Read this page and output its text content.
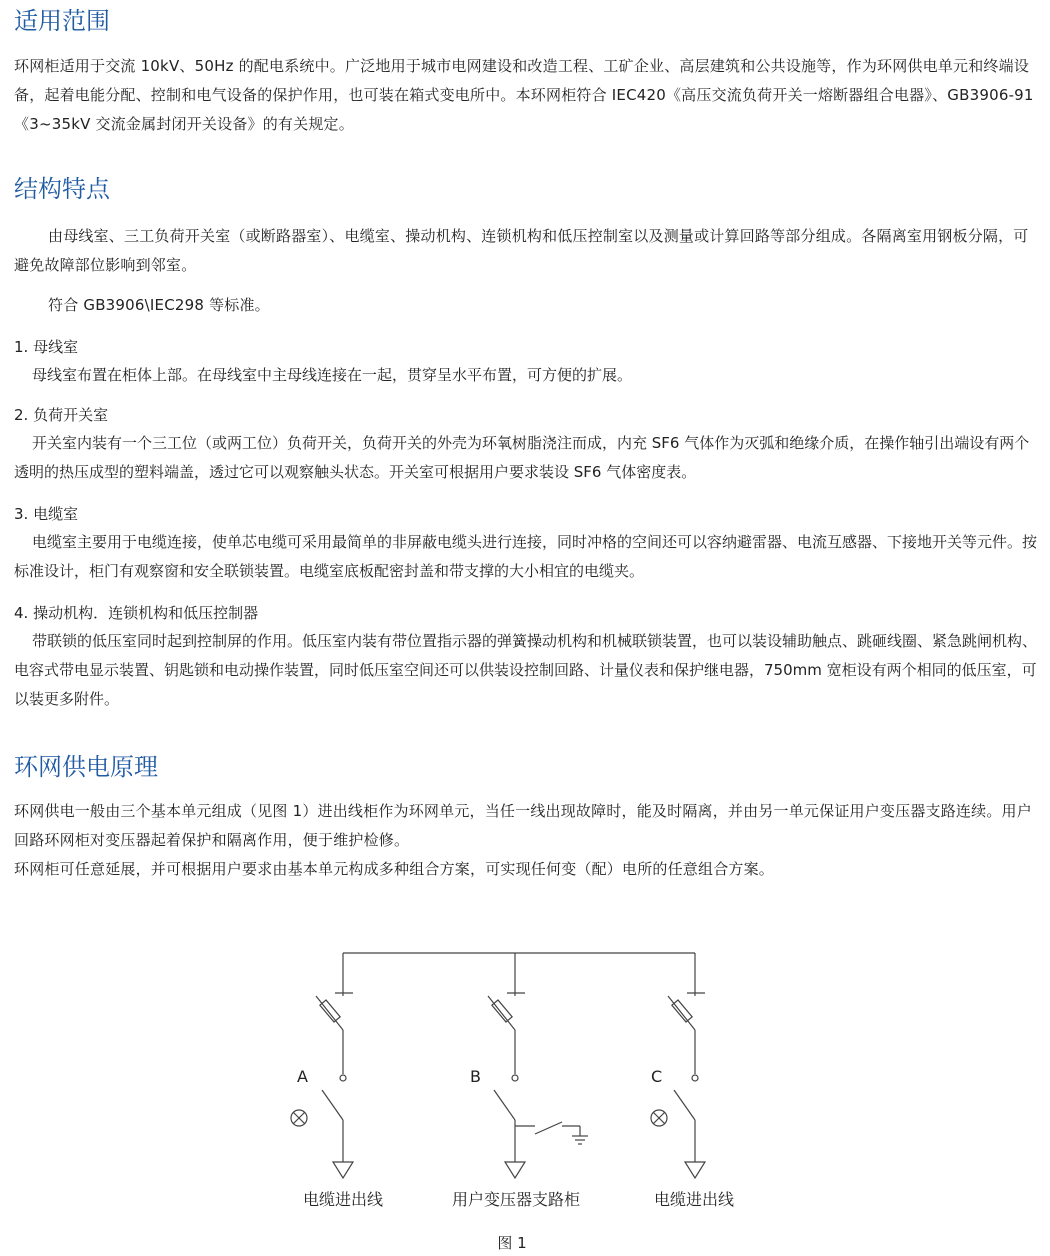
适用范围

环网柜适用于交流 10kV、50Hz 的配电系统中。广泛地用于城市电网建设和改造工程、工矿企业、高层建筑和公共设施等，作为环网供电单元和终端设备，起着电能分配、控制和电气设备的保护作用，也可装在箱式变电所中。本环网柜符合 IEC420《高压交流负荷开关一熔断器组合电器》、GB3906-91《3~35kV 交流金属封闭开关设备》的有关规定。

结构特点

由母线室、三工负荷开关室（或断路器室）、电缆室、操动机构、连锁机构和低压控制室以及测量或计算回路等部分组成。各隔离室用钢板分隔，可避免故障部位影响到邻室。

符合 GB3906\IEC298 等标准。

1. 母线室

母线室布置在柜体上部。在母线室中主母线连接在一起，贯穿呈水平布置，可方便的扩展。

2. 负荷开关室

开关室内装有一个三工位（或两工位）负荷开关，负荷开关的外壳为环氧树脂浇注而成，内充 SF6 气体作为灭弧和绝缘介质，在操作轴引出端设有两个透明的热压成型的塑料端盖，透过它可以观察触头状态。开关室可根据用户要求装设 SF6 气体密度表。

3. 电缆室

电缆室主要用于电缆连接，使单芯电缆可采用最简单的非屏蔽电缆头进行连接，同时冲格的空间还可以容纳避雷器、电流互感器、下接地开关等元件。按标准设计，柜门有观察窗和安全联锁装置。电缆室底板配密封盖和带支撑的大小相宜的电缆夹。

4. 操动机构．连锁机构和低压控制器

带联锁的低压室同时起到控制屏的作用。低压室内装有带位置指示器的弹簧操动机构和机械联锁装置，也可以装设辅助触点、跳砸线圈、紧急跳闸机构、电容式带电显示装置、钥匙锁和电动操作装置，同时低压室空间还可以供装设控制回路、计量仪表和保护继电器，750mm 宽柜设有两个相同的低压室，可以装更多附件。

环网供电原理

环网供电一般由三个基本单元组成（见图 1）进出线柜作为环网单元，当任一线出现故障时，能及时隔离，并由另一单元保证用户变压器支路连续。用户回路环网柜对变压器起着保护和隔离作用，便于维护检修。

环网柜可任意延展，并可根据用户要求由基本单元构成多种组合方案，可实现任何变（配）电所的任意组合方案。

A	B	C
电缆进出线	用户变压器支路柜	电缆进出线
图 1
